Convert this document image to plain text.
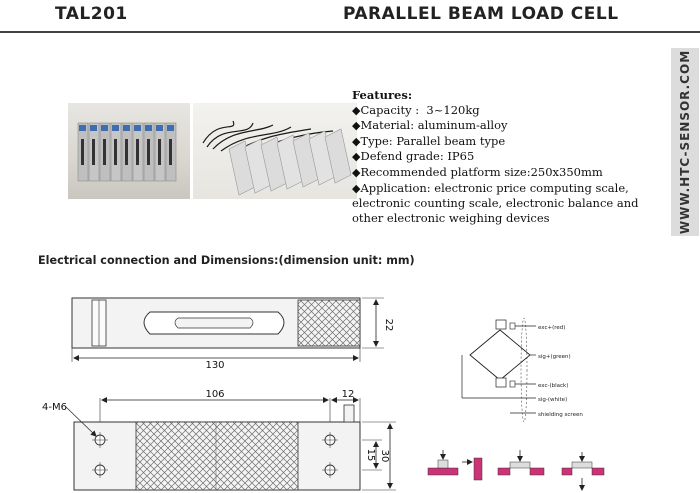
TAL201	PARALLEL BEAM LOAD CELL
WWW.HTC-SENSOR.COM
Features:
◆Capacity :  3~120kg
◆Material: aluminum-alloy
◆Type: Parallel beam type
◆Defend grade: IP65
◆Recommended platform size:250x350mm
◆Application: electronic price computing scale, electronic counting scale, electronic balance and other electronic weighing devices
Electrical connection and Dimensions:(dimension unit: mm)
130
22
106	12
4-M6
15 30
exc+(red)
sig+(green)
exc-(black)
sig-(white)
shielding screen
